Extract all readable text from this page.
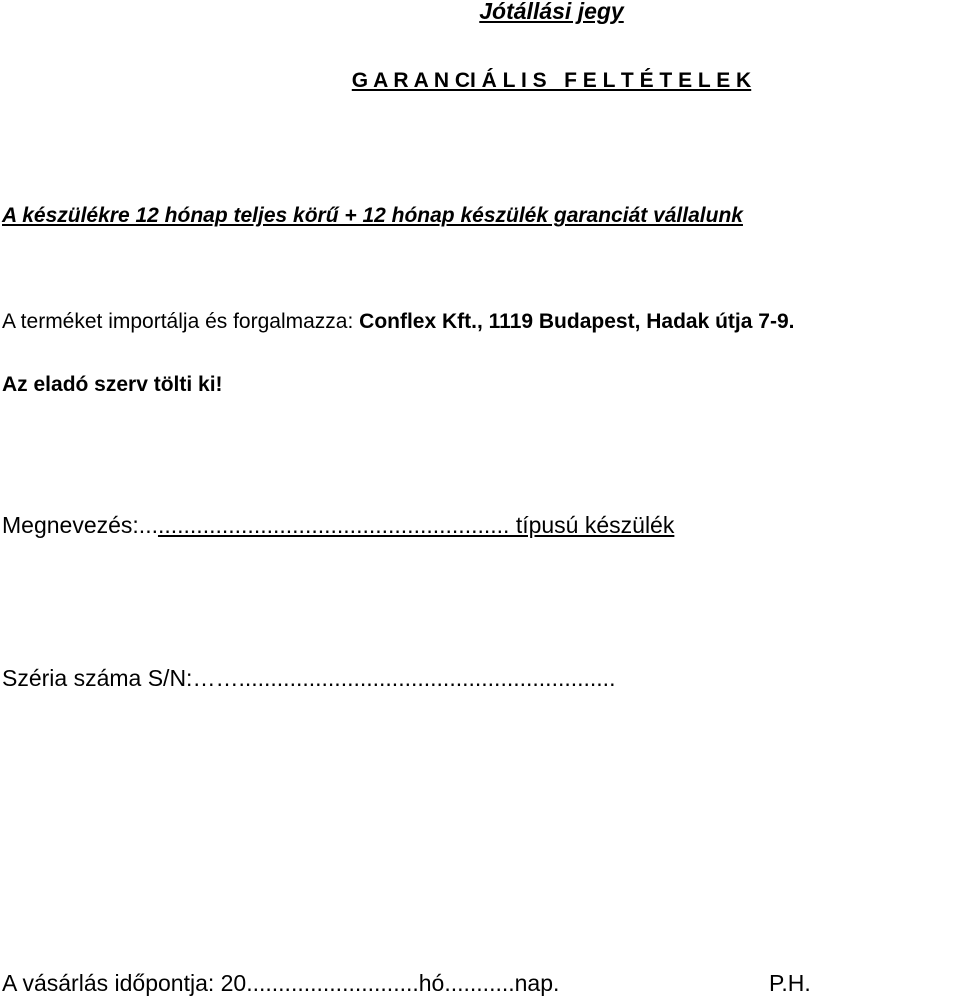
Jótállási jegy
G A R A N CI Á L I S   F E L T É T E L E K
A készülékre 12 hónap teljes körű + 12 hónap készülék garanciát vállalunk
A terméket importálja és forgalmazza: Conflex Kft., 1119 Budapest, Hadak útja 7-9.
Az eladó szerv tölti ki!
Megnevezés:.......................................................... típusú készülék
Széria száma S/N:……...........................................................
A vásárlás időpontja: 20...........................hó...........nap.	P.H.
